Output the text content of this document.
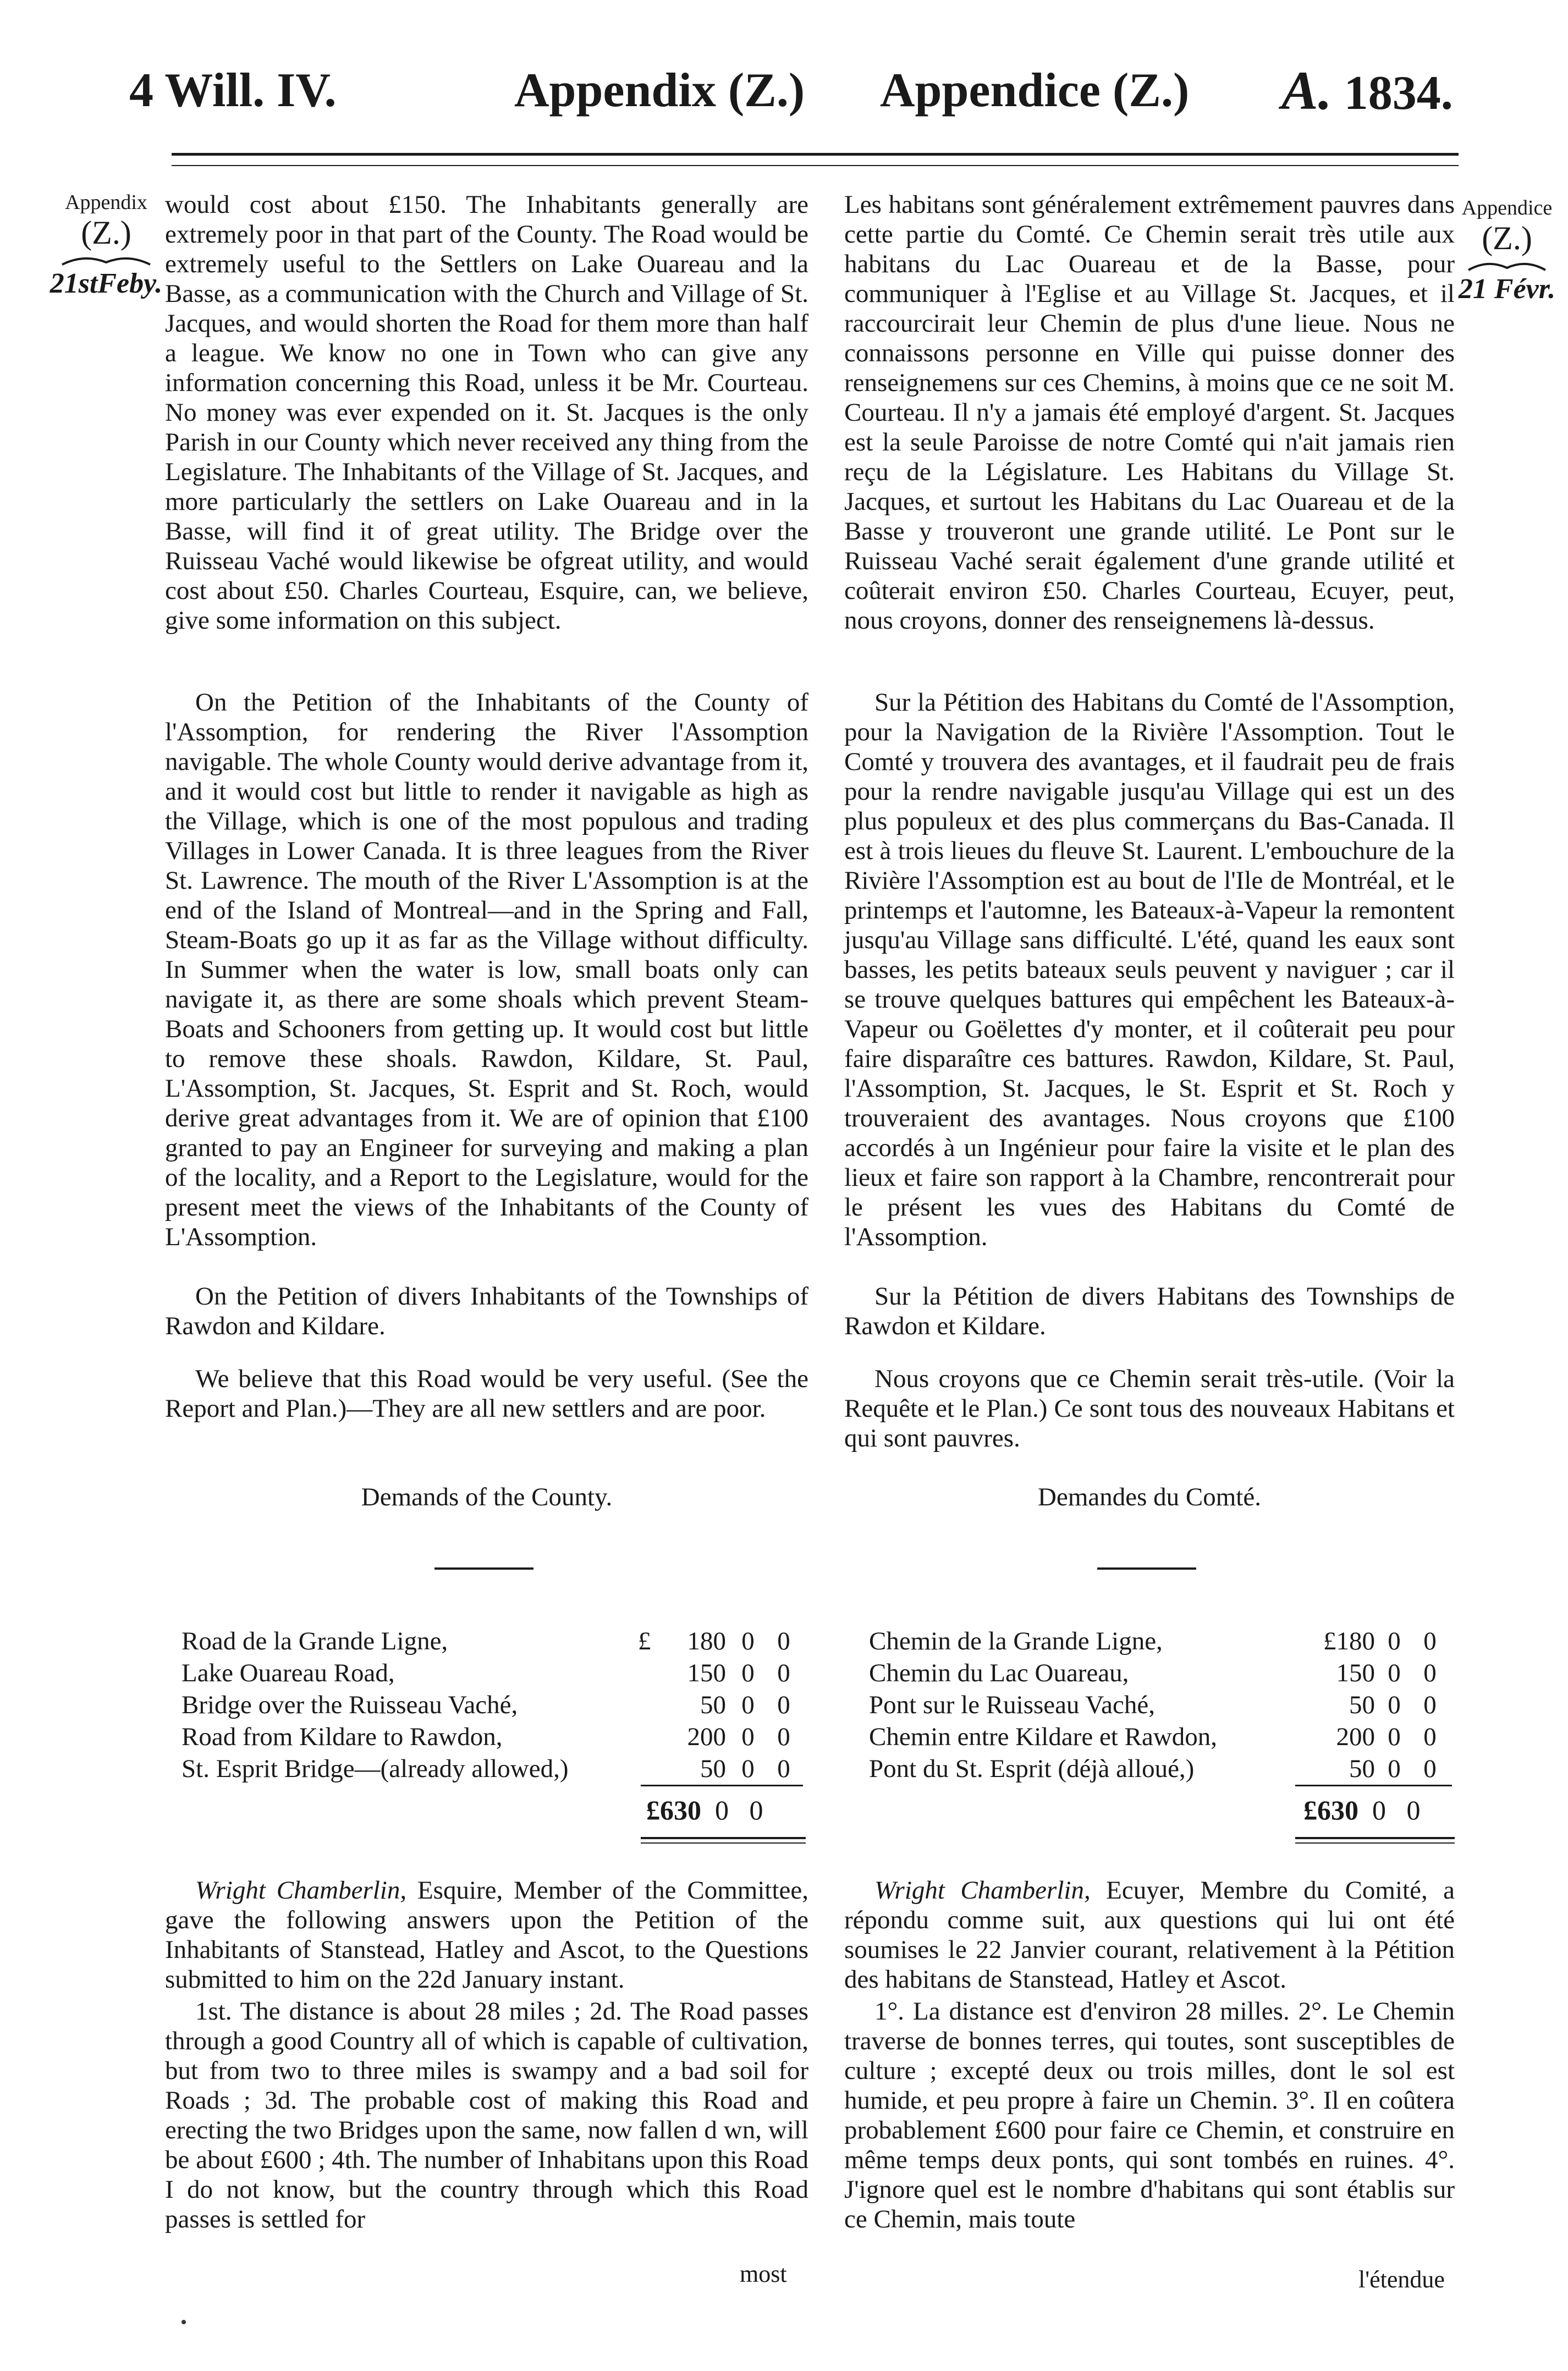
4 Will. IV.	Appendix (Z.) Appendice (Z.) A. 1834.
Appendix
(Z.)
21stFeby.
Appendice
(Z.)
21 Févr.

would cost about £150. The Inhabitants generally are extremely poor in that part of the County. The Road would be extremely useful to the Settlers on Lake Ouareau and la Basse, as a communication with the Church and Village of St. Jacques, and would shorten the Road for them more than half a league. We know no one in Town who can give any information concerning this Road, unless it be Mr. Courteau. No money was ever expended on it. St. Jacques is the only Parish in our County which never received any thing from the Legislature. The Inhabitants of the Village of St. Jacques, and more particularly the settlers on Lake Ouareau and in la Basse, will find it of great utility. The Bridge over the Ruisseau Vaché would likewise be ofgreat utility, and would cost about £50. Charles Courteau, Esquire, can, we believe, give some information on this subject.

On the Petition of the Inhabitants of the County of l'Assomption, for rendering the River l'Assomption navigable. The whole County would derive advantage from it, and it would cost but little to render it navigable as high as the Village, which is one of the most populous and trading Villages in Lower Canada. It is three leagues from the River St. Lawrence. The mouth of the River L'Assomption is at the end of the Island of Montreal—and in the Spring and Fall, Steam-Boats go up it as far as the Village without difficulty. In Summer when the water is low, small boats only can navigate it, as there are some shoals which prevent Steam-Boats and Schooners from getting up. It would cost but little to remove these shoals. Rawdon, Kildare, St. Paul, L'Assomption, St. Jacques, St. Esprit and St. Roch, would derive great advantages from it. We are of opinion that £100 granted to pay an Engineer for surveying and making a plan of the locality, and a Report to the Legislature, would for the present meet the views of the Inhabitants of the County of L'Assomption.

On the Petition of divers Inhabitants of the Townships of Rawdon and Kildare.

We believe that this Road would be very useful. (See the Report and Plan.)—They are all new settlers and are poor.

Demands of the County.

Les habitans sont généralement extrêmement pauvres dans cette partie du Comté. Ce Chemin serait très utile aux habitans du Lac Ouareau et de la Basse, pour communiquer à l'Eglise et au Village St. Jacques, et il raccourcirait leur Chemin de plus d'une lieue. Nous ne connaissons personne en Ville qui puisse donner des renseignemens sur ces Chemins, à moins que ce ne soit M. Courteau. Il n'y a jamais été employé d'argent. St. Jacques est la seule Paroisse de notre Comté qui n'ait jamais rien reçu de la Législature. Les Habitans du Village St. Jacques, et surtout les Habitans du Lac Ouareau et de la Basse y trouveront une grande utilité. Le Pont sur le Ruisseau Vaché serait également d'une grande utilité et coûterait environ £50. Charles Courteau, Ecuyer, peut, nous croyons, donner des renseignemens là-dessus.

Sur la Pétition des Habitans du Comté de l'Assomption, pour la Navigation de la Rivière l'Assomption. Tout le Comté y trouvera des avantages, et il faudrait peu de frais pour la rendre navigable jusqu'au Village qui est un des plus populeux et des plus commerçans du Bas-Canada. Il est à trois lieues du fleuve St. Laurent. L'embouchure de la Rivière l'Assomption est au bout de l'Ile de Montréal, et le printemps et l'automne, les Bateaux-à-Vapeur la remontent jusqu'au Village sans difficulté. L'été, quand les eaux sont basses, les petits bateaux seuls peuvent y naviguer ; car il se trouve quelques battures qui empêchent les Bateaux-à-Vapeur ou Goëlettes d'y monter, et il coûterait peu pour faire disparaître ces battures. Rawdon, Kildare, St. Paul, l'Assomption, St. Jacques, le St. Esprit et St. Roch y trouveraient des avantages. Nous croyons que £100 accordés à un Ingénieur pour faire la visite et le plan des lieux et faire son rapport à la Chambre, rencontrerait pour le présent les vues des Habitans du Comté de l'Assomption.

Sur la Pétition de divers Habitans des Townships de Rawdon et Kildare.

Nous croyons que ce Chemin serait très-utile. (Voir la Requête et le Plan.) Ce sont tous des nouveaux Habitans et qui sont pauvres.

Demandes du Comté.

Road de la Grande Ligne,	£	180 0 0
Lake Ouareau Road,	150 0 0
Bridge over the Ruisseau Vaché,	50 0 0
Road from Kildare to Rawdon,	200 0 0
St. Esprit Bridge—(already allowed,)	50 0 0
£630 0 0
Chemin de la Grande Ligne,	£180 0 0
Chemin du Lac Ouareau,	150 0 0
Pont sur le Ruisseau Vaché,	50 0 0
Chemin entre Kildare et Rawdon,	200 0 0
Pont du St. Esprit (déjà alloué,)	50 0 0
£630 0 0

Wright Chamberlin, Esquire, Member of the Committee, gave the following answers upon the Petition of the Inhabitants of Stanstead, Hatley and Ascot, to the Questions submitted to him on the 22d January instant.

1st. The distance is about 28 miles ; 2d. The Road passes through a good Country all of which is capable of cultivation, but from two to three miles is swampy and a bad soil for Roads ; 3d. The probable cost of making this Road and erecting the two Bridges upon the same, now fallen d wn, will be about £600 ; 4th. The number of Inhabitans upon this Road I do not know, but the country through which this Road passes is settled for

most

Wright Chamberlin, Ecuyer, Membre du Comité, a répondu comme suit, aux questions qui lui ont été soumises le 22 Janvier courant, relativement à la Pétition des habitans de Stanstead, Hatley et Ascot.

1°. La distance est d'environ 28 milles. 2°. Le Chemin traverse de bonnes terres, qui toutes, sont susceptibles de culture ; excepté deux ou trois milles, dont le sol est humide, et peu propre à faire un Chemin. 3°. Il en coûtera probablement £600 pour faire ce Chemin, et construire en même temps deux ponts, qui sont tombés en ruines. 4°. J'ignore quel est le nombre d'habitans qui sont établis sur ce Chemin, mais toute

l'étendue
